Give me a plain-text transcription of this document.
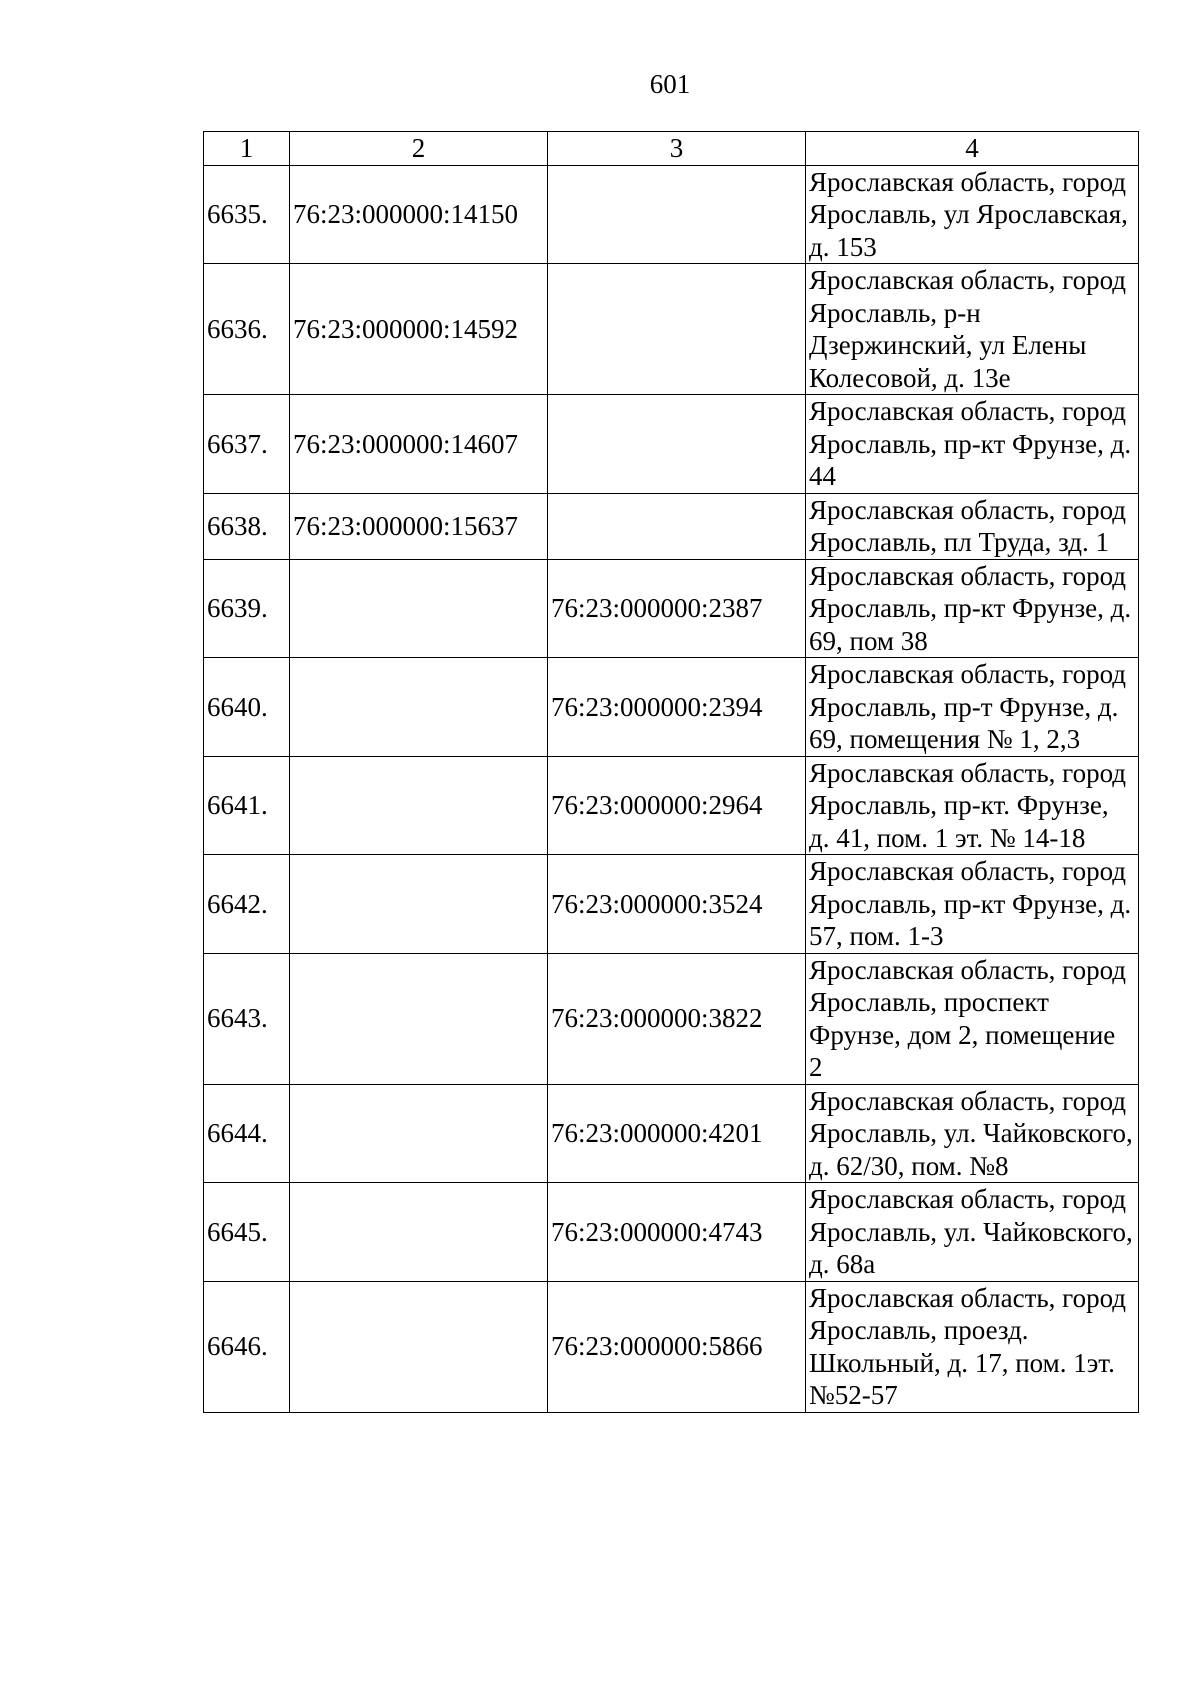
601
1	2	3	4
6635.	76:23:000000:14150		Ярославская область, город Ярославль, ул Ярославская, д. 153
6636.	76:23:000000:14592		Ярославская область, город Ярославль, р-н Дзержинский, ул Елены Колесовой, д. 13е
6637.	76:23:000000:14607		Ярославская область, город Ярославль, пр-кт Фрунзе, д. 44
6638.	76:23:000000:15637		Ярославская область, город Ярославль, пл Труда, зд. 1
6639.		76:23:000000:2387	Ярославская область, город Ярославль, пр-кт Фрунзе, д. 69, пом 38
6640.		76:23:000000:2394	Ярославская область, город Ярославль, пр-т Фрунзе, д. 69, помещения № 1, 2,3
6641.		76:23:000000:2964	Ярославская область, город Ярославль, пр-кт. Фрунзе, д. 41, пом. 1 эт. № 14-18
6642.		76:23:000000:3524	Ярославская область, город Ярославль, пр-кт Фрунзе, д. 57, пом. 1-3
6643.		76:23:000000:3822	Ярославская область, город Ярославль, проспект Фрунзе, дом 2, помещение 2
6644.		76:23:000000:4201	Ярославская область, город Ярославль, ул. Чайковского, д. 62/30, пом. №8
6645.		76:23:000000:4743	Ярославская область, город Ярославль, ул. Чайковского, д. 68а
6646.		76:23:000000:5866	Ярославская область, город Ярославль, проезд. Школьный, д. 17, пом. 1эт. №52-57
